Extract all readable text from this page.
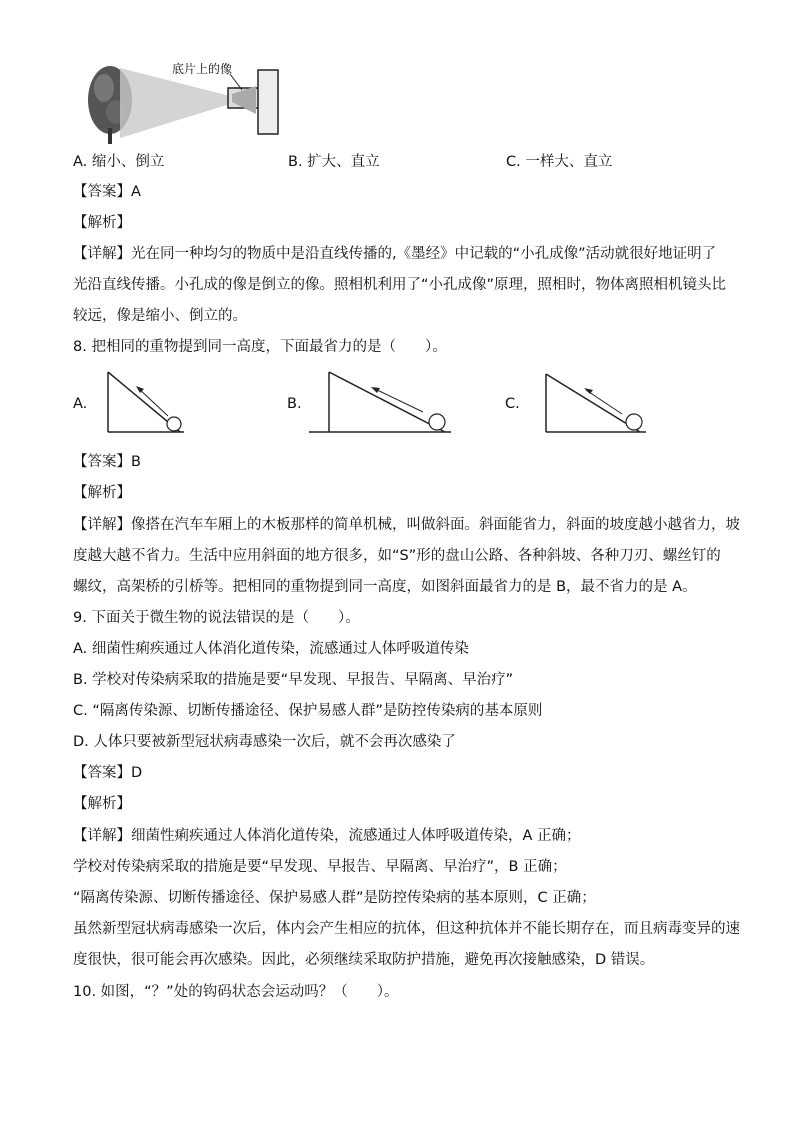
底片上的像
A. 缩小、倒立	B. 扩大、直立	C. 一样大、直立
【答案】A
【解析】
【详解】光在同一种均匀的物质中是沿直线传播的,《墨经》中记载的“小孔成像”活动就很好地证明了
光沿直线传播。小孔成的像是倒立的像。照相机利用了“小孔成像”原理，照相时，物体离照相机镜头比
较远，像是缩小、倒立的。
8. 把相同的重物提到同一高度，下面最省力的是（　　）。
A.	B.	C.
【答案】B
【解析】
【详解】像搭在汽车车厢上的木板那样的简单机械，叫做斜面。斜面能省力，斜面的坡度越小越省力，坡
度越大越不省力。生活中应用斜面的地方很多，如“S”形的盘山公路、各种斜坡、各种刀刃、螺丝钉的
螺纹，高架桥的引桥等。把相同的重物提到同一高度，如图斜面最省力的是 B，最不省力的是 A。
9. 下面关于微生物的说法错误的是（　　）。
A. 细菌性痢疾通过人体消化道传染，流感通过人体呼吸道传染
B. 学校对传染病采取的措施是要“早发现、早报告、早隔离、早治疗”
C. “隔离传染源、切断传播途径、保护易感人群”是防控传染病的基本原则
D. 人体只要被新型冠状病毒感染一次后，就不会再次感染了
【答案】D
【解析】
【详解】细菌性痢疾通过人体消化道传染，流感通过人体呼吸道传染，A 正确；
学校对传染病采取的措施是要“早发现、早报告、早隔离、早治疗”，B 正确；
“隔离传染源、切断传播途径、保护易感人群”是防控传染病的基本原则，C 正确；
虽然新型冠状病毒感染一次后，体内会产生相应的抗体，但这种抗体并不能长期存在，而且病毒变异的速
度很快，很可能会再次感染。因此，必须继续采取防护措施，避免再次接触感染，D 错误。
10. 如图，“？”处的钩码状态会运动吗？（　　）。
